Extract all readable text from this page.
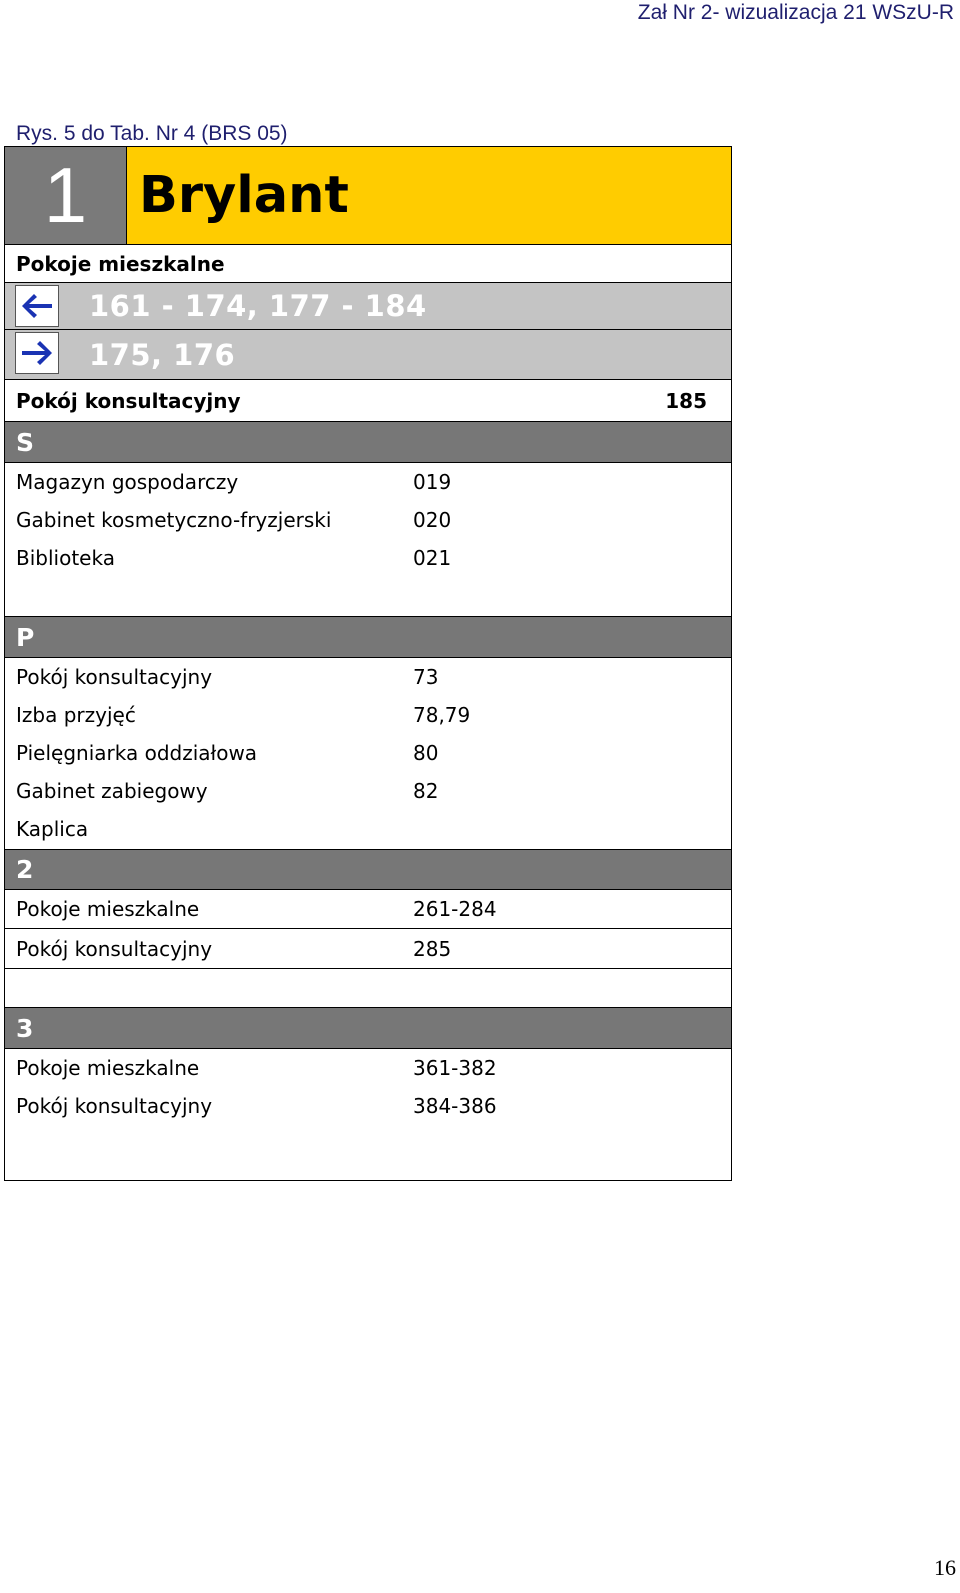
Zał Nr 2- wizualizacja 21 WSzU-R
Rys. 5 do Tab. Nr 4 (BRS 05)
1	Brylant
Pokoje mieszkalne
161 - 174, 177 - 184
175, 176
Pokój konsultacyjny	185
S
Magazyn gospodarczy	019
Gabinet kosmetyczno-fryzjerski	020
Biblioteka	021
P
Pokój konsultacyjny	73
Izba przyjęć	78,79
Pielęgniarka oddziałowa	80
Gabinet zabiegowy	82
Kaplica
2
Pokoje mieszkalne	261-284
Pokój konsultacyjny	285
3
Pokoje mieszkalne	361-382
Pokój konsultacyjny	384-386
16
